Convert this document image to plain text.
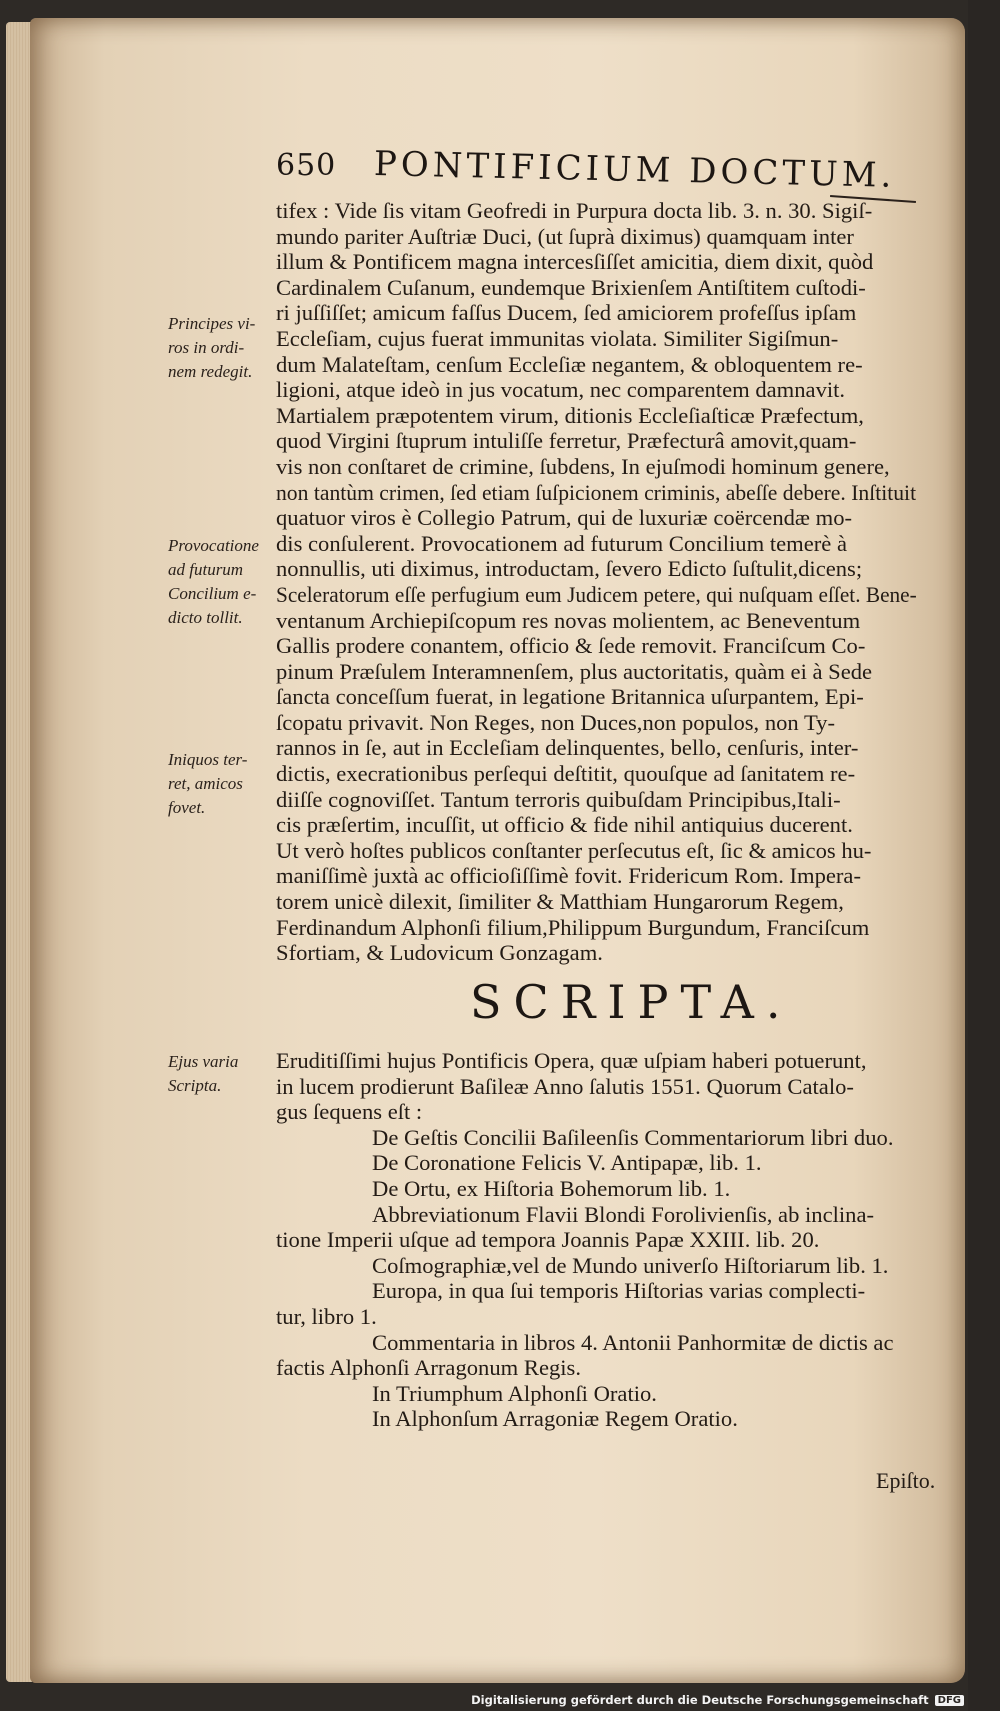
650 PONTIFICIUM DOCTUM.
tifex : Vide ſis vitam Geofredi in Purpura docta lib. 3. n. 30. Sigiſ-
mundo pariter Auſtriæ Duci, (ut ſuprà diximus) quamquam inter
illum & Pontificem magna intercesſiſſet amicitia, diem dixit, quòd
Cardinalem Cuſanum, eundemque Brixienſem Antiſtitem cuſtodi-
ri juſſiſſet; amicum faſſus Ducem, ſed amiciorem profeſſus ipſam
Eccleſiam, cujus fuerat immunitas violata. Similiter Sigiſmun-
dum Malateſtam, cenſum Eccleſiæ negantem, & obloquentem re-
ligioni, atque ideò in jus vocatum, nec comparentem damnavit.
Martialem præpotentem virum, ditionis Eccleſiaſticæ Præfectum,
quod Virgini ſtuprum intuliſſe ferretur, Præfecturâ amovit,quam-
vis non conſtaret de crimine, ſubdens, In ejuſmodi hominum genere,
non tantùm crimen, ſed etiam ſuſpicionem criminis, abeſſe debere. Inſtituit
quatuor viros è Collegio Patrum, qui de luxuriæ coërcendæ mo-
dis conſulerent. Provocationem ad futurum Concilium temerè à
nonnullis, uti diximus, introductam, ſevero Edicto ſuſtulit,dicens;
Sceleratorum eſſe perfugium eum Judicem petere, qui nuſquam eſſet. Bene-
ventanum Archiepiſcopum res novas molientem, ac Beneventum
Gallis prodere conantem, officio & ſede removit. Franciſcum Co-
pinum Præſulem Interamnenſem, plus auctoritatis, quàm ei à Sede
ſancta conceſſum fuerat, in legatione Britannica uſurpantem, Epi-
ſcopatu privavit. Non Reges, non Duces,non populos, non Ty-
rannos in ſe, aut in Eccleſiam delinquentes, bello, cenſuris, inter-
dictis, execrationibus perſequi deſtitit, quouſque ad ſanitatem re-
diiſſe cognoviſſet. Tantum terroris quibuſdam Principibus,Itali-
cis præſertim, incuſſit, ut officio & fide nihil antiquius ducerent.
Ut verò hoſtes publicos conſtanter perſecutus eſt, ſic & amicos hu-
maniſſimè juxtà ac officioſiſſimè fovit. Fridericum Rom. Impera-
torem unicè dilexit, ſimiliter & Matthiam Hungarorum Regem,
Ferdinandum Alphonſi filium,Philippum Burgundum, Franciſcum
Sfortiam, & Ludovicum Gonzagam.
Principes vi-
ros in ordi-
nem redegit.
Provocatione
ad futurum
Concilium e-
dicto tollit.
Iniquos ter-
ret, amicos
fovet.
Ejus varia
Scripta.
SCRIPTA.
Eruditiſſimi hujus Pontificis Opera, quæ uſpiam haberi potuerunt,
in lucem prodierunt Baſileæ Anno ſalutis 1551. Quorum Catalo-
gus ſequens eſt :
De Geſtis Concilii Baſileenſis Commentariorum libri duo.
De Coronatione Felicis V. Antipapæ, lib. 1.
De Ortu, ex Hiſtoria Bohemorum lib. 1.
Abbreviationum Flavii Blondi Forolivienſis, ab inclina-
tione Imperii uſque ad tempora Joannis Papæ XXIII. lib. 20.
Coſmographiæ,vel de Mundo univerſo Hiſtoriarum lib. 1.
Europa, in qua ſui temporis Hiſtorias varias complecti-
tur, libro 1.
Commentaria in libros 4. Antonii Panhormitæ de dictis ac
factis Alphonſi Arragonum Regis.
In Triumphum Alphonſi Oratio.
In Alphonſum Arragoniæ Regem Oratio.
Epiſto.
Digitalisierung gefördert durch die Deutsche Forschungsgemeinschaft DFG
